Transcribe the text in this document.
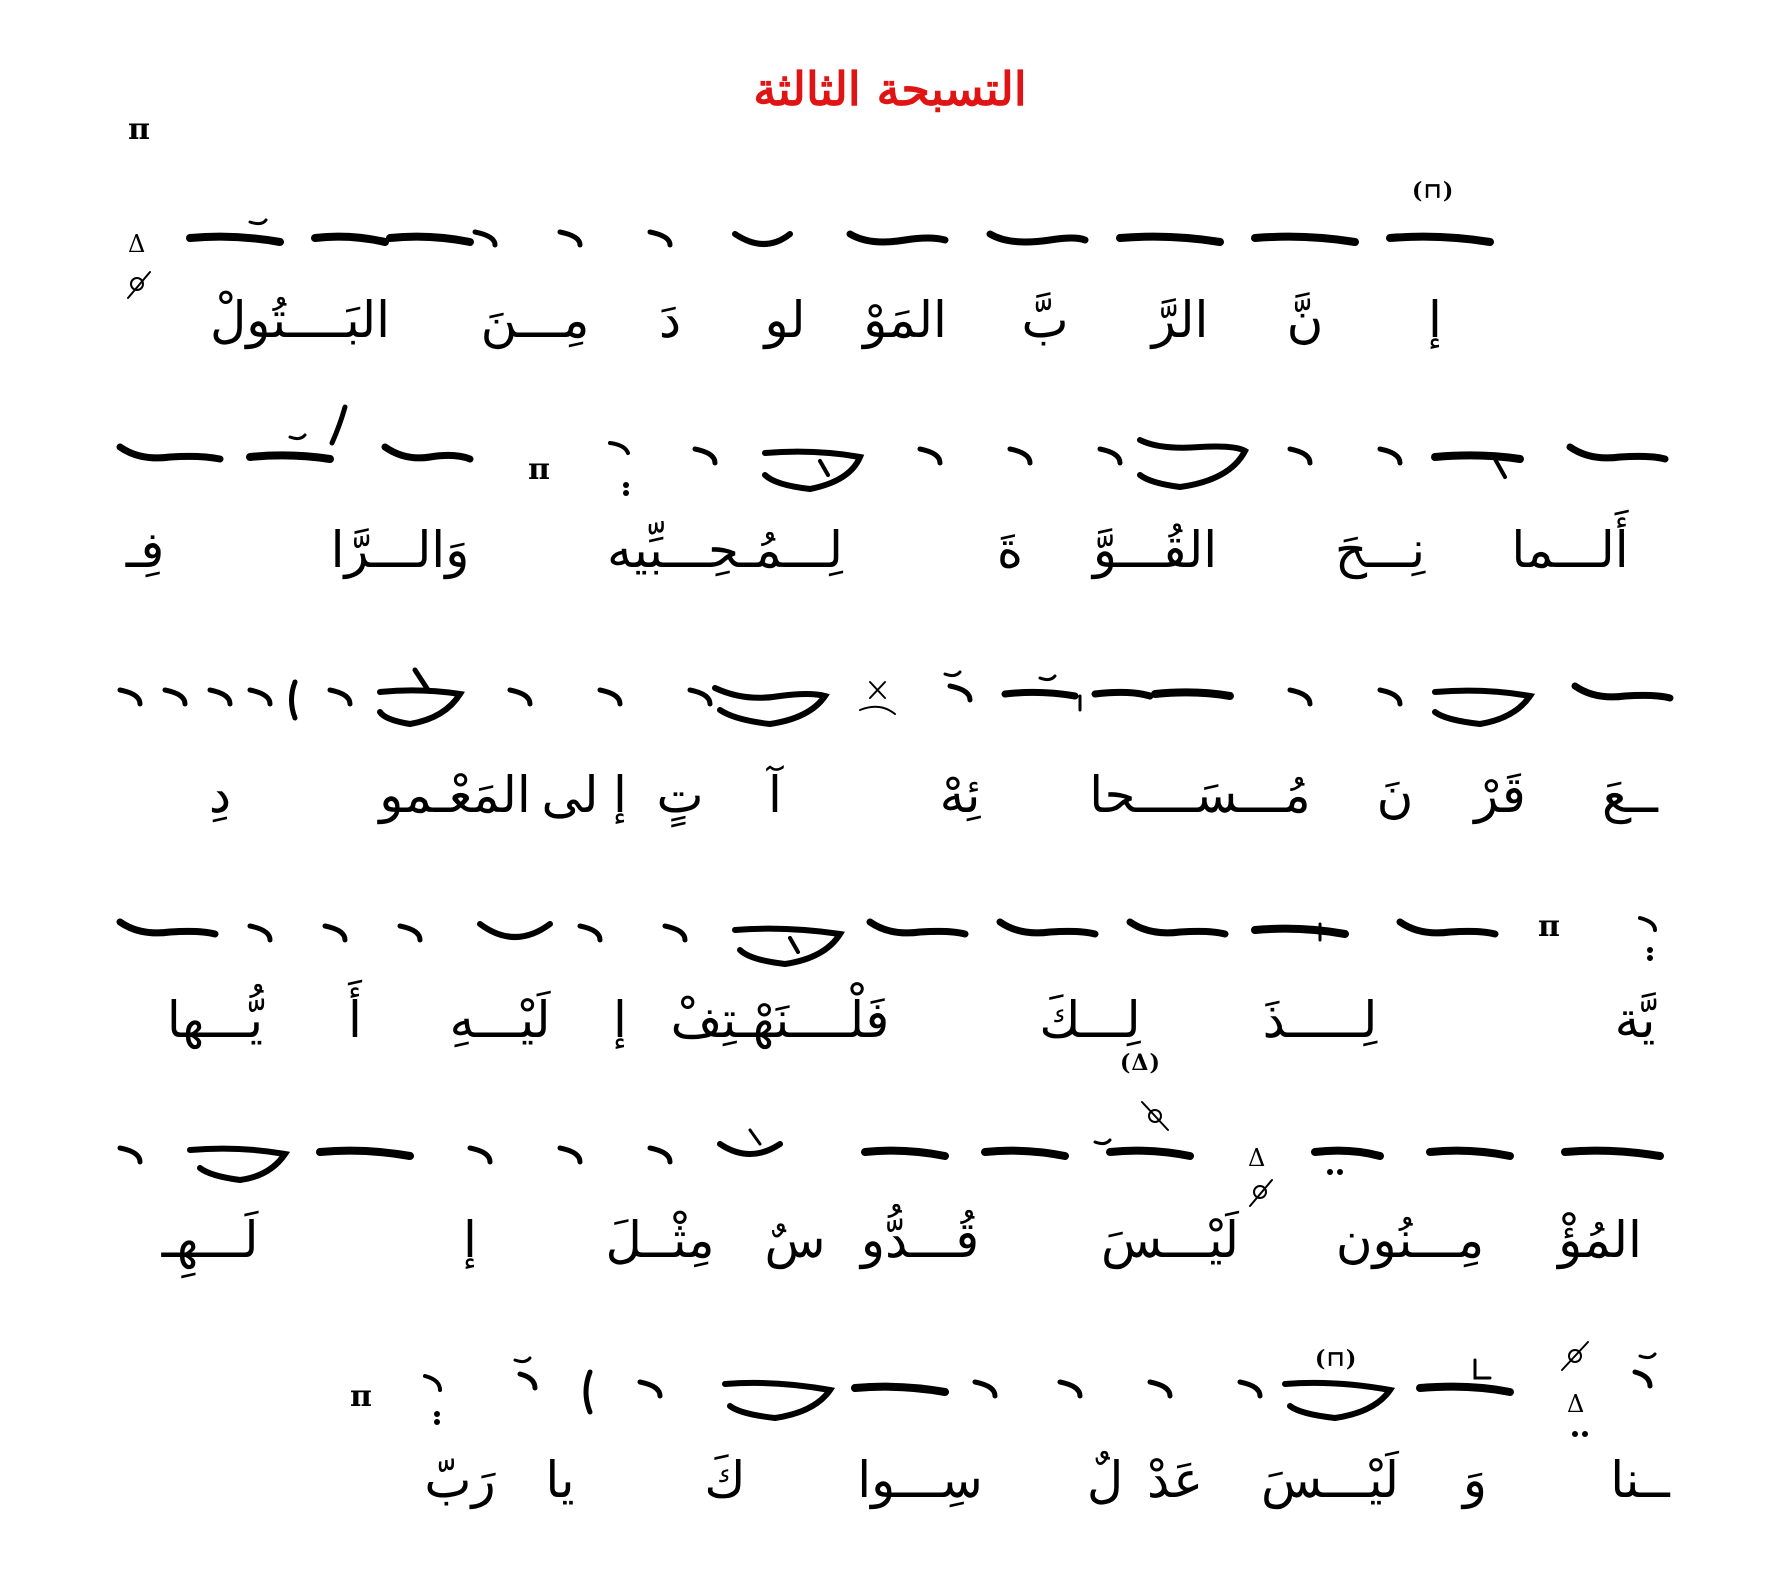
التسبحة الثالثة
π
Δ
(⊓)
إ
نَّ
الرَّ
بَّ
المَوْ
لو
دَ
مِـــنَ
البَــــتُولْ
π
أَلـــما
نِـــحَ
القُـــوَّ
ةَ
لِـــمُـحِـــبِّيه
وَالـــرَّا
فِـ
ــعَ
قَرْ
نَ
مُـــسَــــحا
ئِهْ
آ
تٍ
إ
لى
المَعْـمو
دِ
π
يَّة
لِـــــذَ
لِـــكَ
فَلْــــنَهْـتِفْ
إ
لَيْـــهِ
أَ
يُّـــها
(Δ)
Δ
المُؤْ
مِـــنُون
لَيْـــسَ
قُـــدُّو
سٌ
مِثْــلَ
إ
لَـــهِـ
(⊓)
Δ
π
ــنا
وَ
لَيْـــسَ
عَدْ
لٌ
سِـــوا
كَ
يا
رَبّ
